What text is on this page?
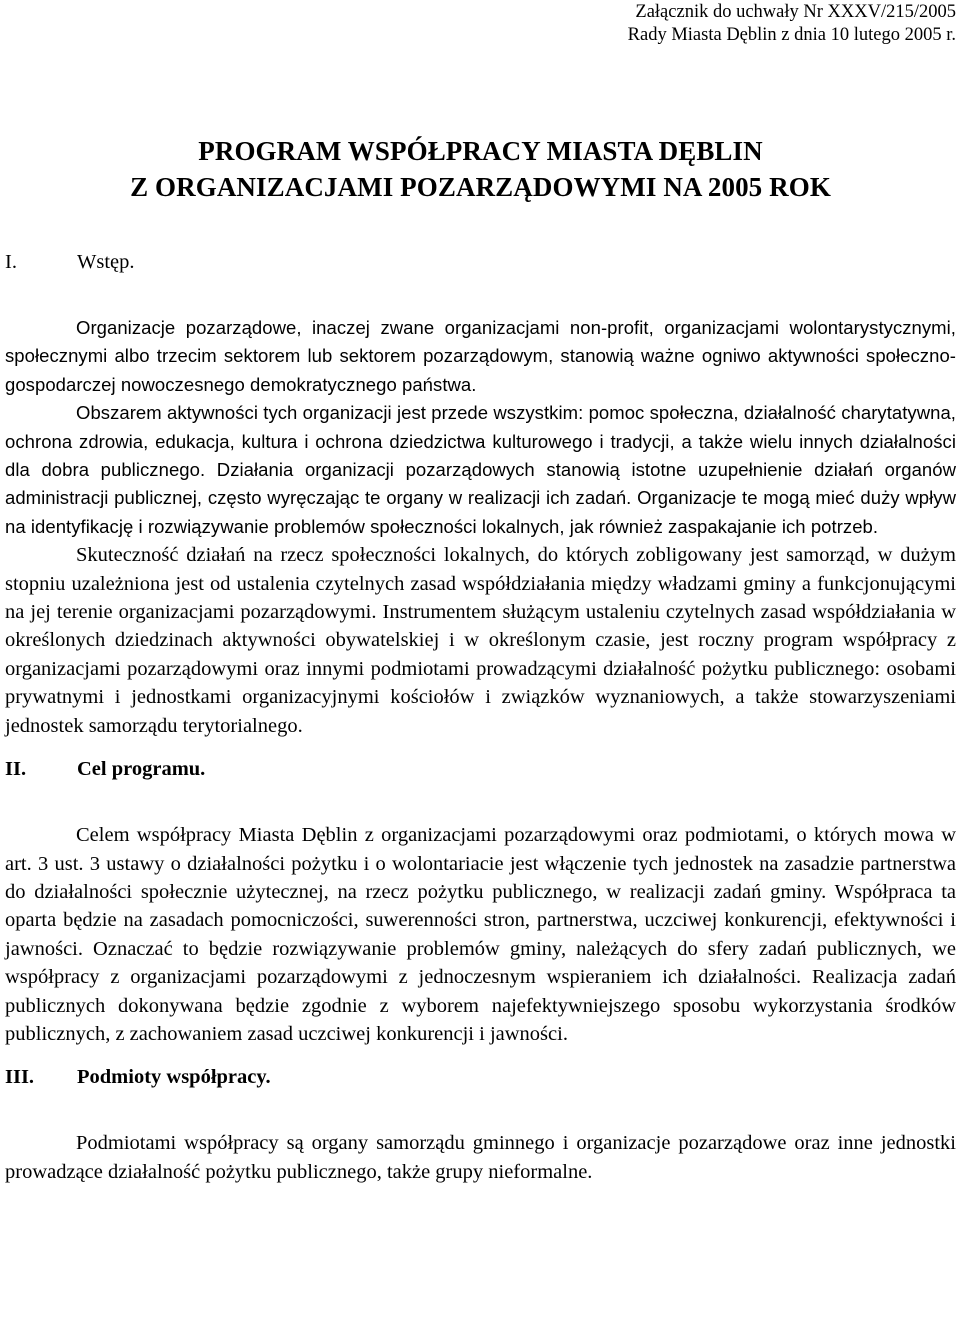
Załącznik do uchwały Nr XXXV/215/2005
Rady Miasta Dęblin z dnia 10 lutego 2005 r.
PROGRAM WSPÓŁPRACY MIASTA DĘBLIN
Z ORGANIZACJAMI POZARZĄDOWYMI NA 2005 ROK
I.	Wstęp.

Organizacje pozarządowe, inaczej zwane organizacjami non-profit, organizacjami wolontarystycznymi, społecznymi albo trzecim sektorem lub sektorem pozarządowym, stanowią ważne ogniwo aktywności społeczno-gospodarczej nowoczesnego demokratycznego państwa.

Obszarem aktywności tych organizacji jest przede wszystkim: pomoc społeczna, działalność charytatywna, ochrona zdrowia, edukacja, kultura i ochrona dziedzictwa kulturowego i tradycji, a także wielu innych działalności dla dobra publicznego. Działania organizacji pozarządowych stanowią istotne uzupełnienie działań organów administracji publicznej, często wyręczając te organy w realizacji ich zadań. Organizacje te mogą mieć duży wpływ na identyfikację i rozwiązywanie problemów społeczności lokalnych, jak również zaspakajanie ich potrzeb.

Skuteczność działań na rzecz społeczności lokalnych, do których zobligowany jest samorząd, w dużym stopniu uzależniona jest od ustalenia czytelnych zasad współdziałania między władzami gminy a funkcjonującymi na jej terenie organizacjami pozarządowymi. Instrumentem służącym ustaleniu czytelnych zasad współdziałania w określonych dziedzinach aktywności obywatelskiej i w określonym czasie, jest roczny program współpracy z organizacjami pozarządowymi oraz innymi podmiotami prowadzącymi działalność pożytku publicznego: osobami prywatnymi i jednostkami organizacyjnymi kościołów i związków wyznaniowych, a także stowarzyszeniami jednostek samorządu terytorialnego.

II.	Cel programu.

Celem współpracy Miasta Dęblin z organizacjami pozarządowymi oraz podmiotami, o których mowa w art. 3 ust. 3 ustawy o działalności pożytku i o wolontariacie jest włączenie tych jednostek na zasadzie partnerstwa do działalności społecznie użytecznej, na rzecz pożytku publicznego, w realizacji zadań gminy. Współpraca ta oparta będzie na zasadach pomocniczości, suwerenności stron, partnerstwa, uczciwej konkurencji, efektywności i jawności. Oznaczać to będzie rozwiązywanie problemów gminy, należących do sfery zadań publicznych, we współpracy z organizacjami pozarządowymi z jednoczesnym wspieraniem ich działalności. Realizacja zadań publicznych dokonywana będzie zgodnie z wyborem najefektywniejszego sposobu wykorzystania środków publicznych, z zachowaniem zasad uczciwej konkurencji i jawności.

III.	Podmioty współpracy.

Podmiotami współpracy są organy samorządu gminnego i organizacje pozarządowe oraz inne jednostki prowadzące działalność pożytku publicznego, także grupy nieformalne.
